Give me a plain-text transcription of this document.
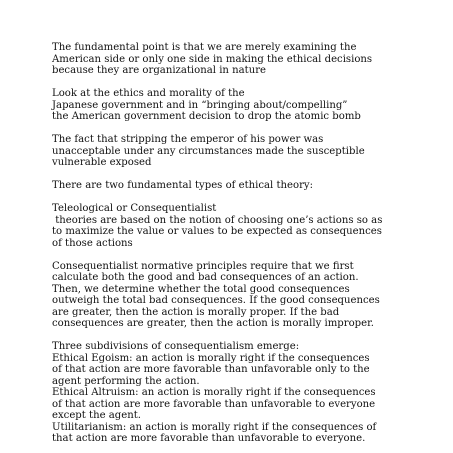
The fundamental point is that we are merely examining the
American side or only one side in making the ethical decisions
because they are organizational in nature

Look at the ethics and morality of the
Japanese government and in “bringing about/compelling”
the American government decision to drop the atomic bomb

The fact that stripping the emperor of his power was
unacceptable under any circumstances made the susceptible
vulnerable exposed

There are two fundamental types of ethical theory:

Teleological or Consequentialist
theories are based on the notion of choosing one’s actions so as
to maximize the value or values to be expected as consequences
of those actions

Consequentialist normative principles require that we first
calculate both the good and bad consequences of an action.
Then, we determine whether the total good consequences
outweigh the total bad consequences. If the good consequences
are greater, then the action is morally proper. If the bad
consequences are greater, then the action is morally improper.

Three subdivisions of consequentialism emerge:
Ethical Egoism: an action is morally right if the consequences
of that action are more favorable than unfavorable only to the
agent performing the action.
Ethical Altruism: an action is morally right if the consequences
of that action are more favorable than unfavorable to everyone
except the agent.
Utilitarianism: an action is morally right if the consequences of
that action are more favorable than unfavorable to everyone.
